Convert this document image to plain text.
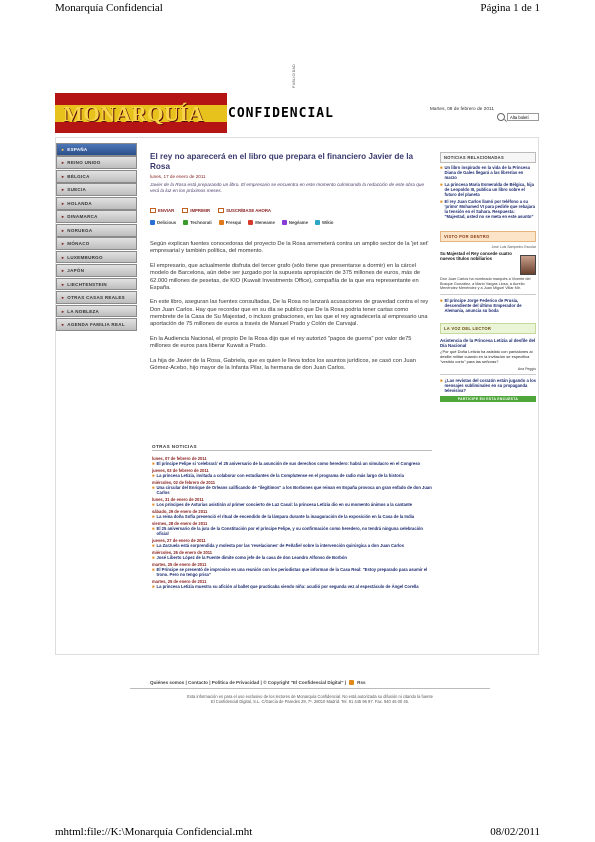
Monarquía Confidencial	Página 1 de 1
PUBLICIDAD
MONARQUÍA CONFIDENCIAL	Martes, 08 de febrero de 2011
Alta boletí
► ESPAÑA
► REINO UNIDO
► BÉLGICA
► SUECIA
► HOLANDA
► DINAMARCA
► NORUEGA
► MÓNACO
► LUXEMBURGO
► JAPÓN
► LIECHTENSTEIN
► OTRAS CASAS REALES
► LA NOBLEZA
► AGENDA FAMILIA REAL
El rey no aparecerá en el libro que prepara el financiero Javier de la Rosa
lunes, 17 de enero de 2011
Javier de la Rosa está preparando un libro. El empresario se encuentra en este momento culminando la redacción de este obra que verá la luz en los próximos meses.
ENVIAR	IMPRIMIR	SUSCRÍBASE AHORA
Delicious	Technorati	Fresqui	Meneame	Negéame	Wikio

Según explican fuentes conocedoras del proyecto De la Rosa arremeterá contra un amplio sector de la 'jet set' empresarial y también política, del momento.

El empresario, que actualmente disfruta del tercer grafo (sólo tiene que presentarse a dormir) en la cárcel modelo de Barcelona, aún debe ser juzgado por la supuesta apropiación de 375 millones de euros, más de 62.000 millones de pesetas, de KIO (Kuwait Investments Office), compañía de la que era representante en España.

En este libro, aseguran las fuentes consultadas, De la Rosa no lanzará acusaciones de gravedad contra el rey Don Juan Carlos. Hay que recordar que en su día se publicó que De la Rosa podría tener cartas como membrete de la Casa de Su Majestad, o incluso grabaciones, en las que el rey agradecería al empresario una aportación de 75 millones de euros a través de Manuel Prado y Colón de Carvajal.

En la Audiencia Nacional, el propio De la Rosa dijo que el rey autorizó "pagos de guerra" por valor de75 millones de euros para liberar Kuwait a Prado.

La hija de Javier de la Rosa, Gabriela, que es quien le lleva todos los asuntos jurídicos, se casó con Juan Gómez-Acebo, hijo mayor de la Infanta Pilar, la hermana de don Juan Carlos.

OTRAS NOTICIAS
lunes, 07 de febrero de 2011
■ El príncipe Felipe si 'celebrará' el 25 aniversario de la asunción de sus derechos como heredero: habrá un simulacro en el Congreso
jueves, 03 de febrero de 2011
■ La princesa Letizia, invitada a colaborar con estudiantes de la Complutense en el programa de radio más largo de la historia
miércoles, 02 de febrero de 2011
■ Una circular del Enrique de Orleans calificando de "ilegítimos" a los Borbones que reinan en España provoca un gran enfado de don Juan Carlos
lunes, 31 de enero de 2011
■ Los príncipes de Asturias asistirán al primer concierto de Luz Casal: la princesa Letizia dio en su momento ánimos a la cantante
sábado, 29 de enero de 2011
■ La reina doña Sofía presenció el ritual de encendido de la lámpara durante la inauguración de la exposición en la Casa de la India
viernes, 28 de enero de 2011
■ El 25 aniversario de la jura de la Constitución por el príncipe Felipe, y su confirmación como heredero, no tendrá ninguna celebración oficial
jueves, 27 de enero de 2011
■ La Zarzuela está sorprendida y molesta por las 'revelaciones' de Peñafiel sobre la intervención quirúrgica a don Juan Carlos
miércoles, 26 de enero de 2011
■ José Liberto López de la Fuente dimite como jefe de la casa de don Leandro Alfonso de Borbón
martes, 25 de enero de 2011
■ El Príncipe se presentó de improviso en una reunión con los periodistas que informan de la Casa Real: "Estoy preparado para asumir el trono. Pero no tengo prisa"
martes, 25 de enero de 2011
■ La princesa Letizia muestra su afición al ballet que practicaba siendo niña: acudió por segunda vez al espectáculo de Ángel Corella
NOTICIAS RELACIONADAS
■ Un libro inspirado en la vida de la Princesa Diana de Gales llegará a las librerías en marzo
■ La princesa María Esmeralda de Bélgica, hija de Leopoldo III, publica un libro sobre el futuro del planeta
■ El rey Juan Carlos llamó por teléfono a su 'primo' Mohamed VI para pedirle que rebajara la tensión en el Sahara. Respuesta: "Majestad, usted no se meta en este asunto"
VISTO POR DENTRO
José Luis Sampedro Escolar
Su Majestad el Rey concede cuatro nuevos títulos nobiliarios
Don Juan Carlos ha nombrado marqués a Vicente del Bosque González, a Mario Vargas Llosa, a Aurelio Menéndez Menéndez y a Juan Miguel Villar Mir.
■ El príncipe Jorge Federico de Prusia, descendiente del último Emperador de Alemania, anuncia su boda
LA VOZ DEL LECTOR
Asistencia de la Princesa Letizia al desfile del Día Nacional
¿Por qué Doña Letizia ha asistido con pantalones al desfile militar cuando en la invitación se especifica "vestido corto" para las señoras?
Ana Peggio
■ ¿Las revistas del corazón están jugando a los mensajes subliminales en su propaganda televisiva?
PARTICIPE EN ESTA ENCUESTA
Quiénes somos | Contacto | Política de Privacidad | © Copyright "El Confidencial Digital" | Rss
Esta información es para el uso exclusivo de los lectores de Monarquía Confidencial. No está autorizada su difusión ni citando la fuente
El Confidencial Digital, S.L. C/García de Paredes 29, 7º. 28010 Madrid. Tel. 91 445 96 97. Fax. 940 46 00 46.
mhtml:file://K:\Monarquía Confidencial.mht	08/02/2011
